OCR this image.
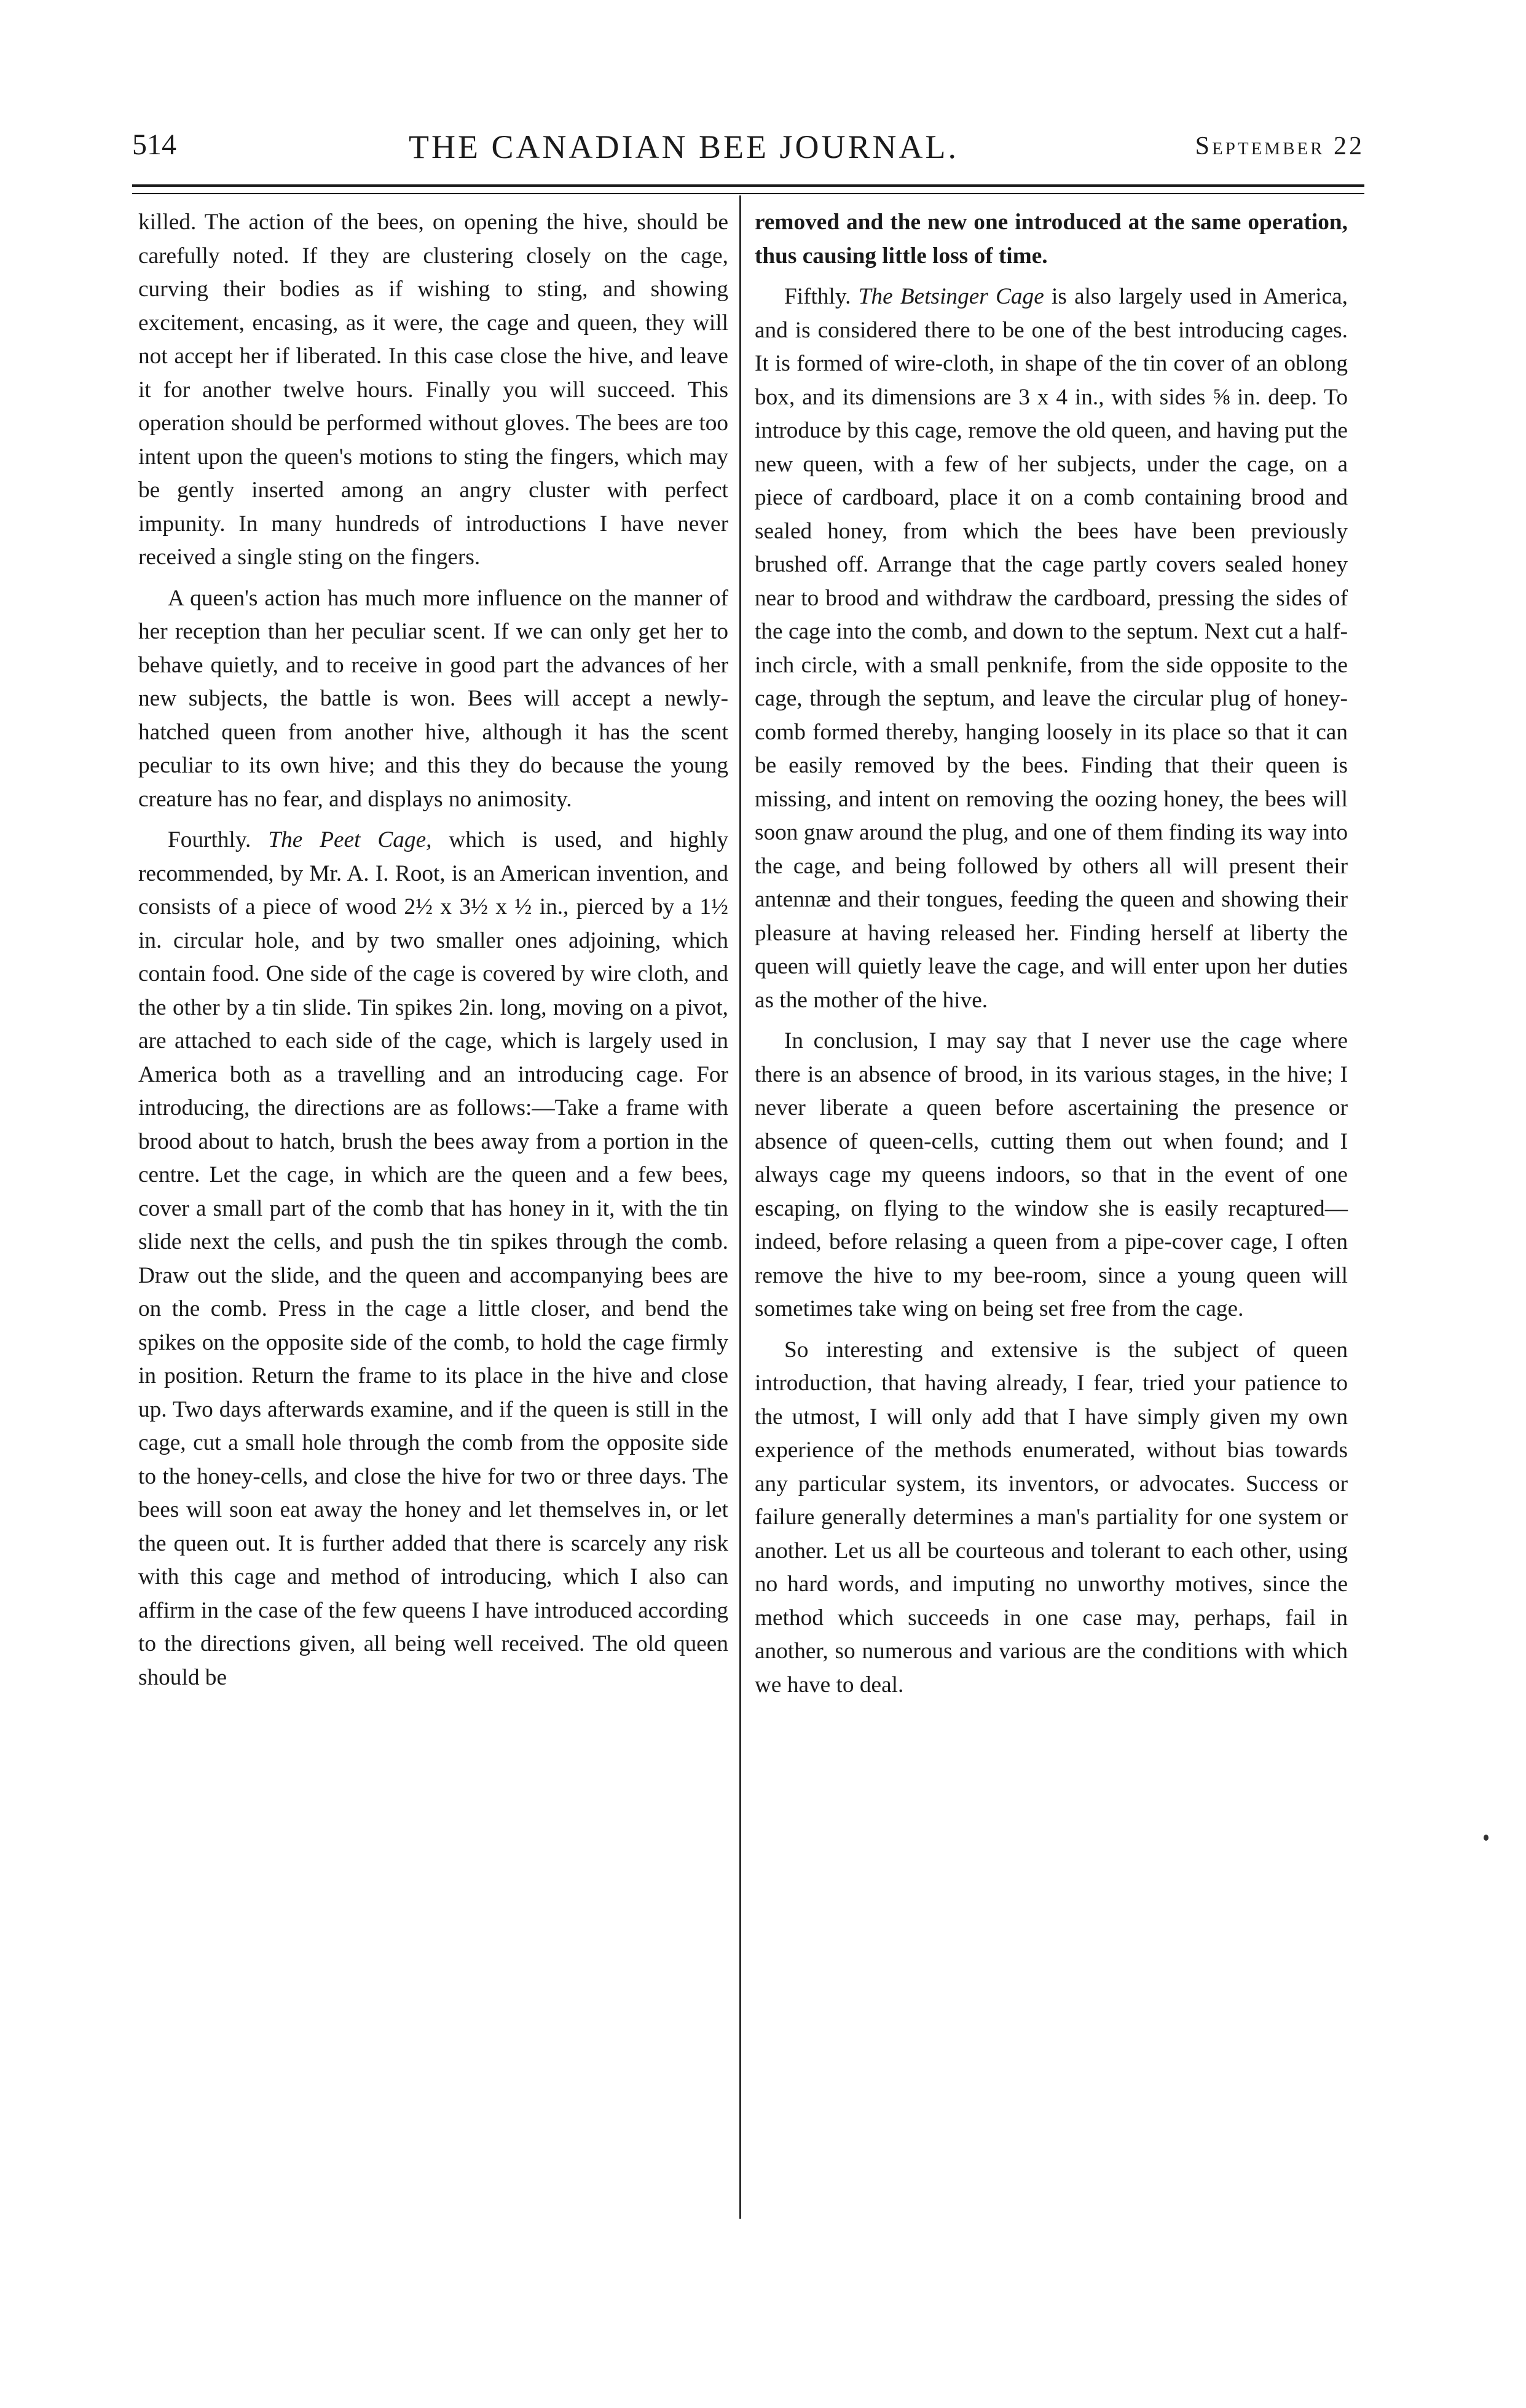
514	THE CANADIAN BEE JOURNAL.	September 22

killed. The action of the bees, on opening the hive, should be carefully noted. If they are clustering closely on the cage, curving their bodies as if wishing to sting, and showing excitement, encasing, as it were, the cage and queen, they will not accept her if liberated. In this case close the hive, and leave it for another twelve hours. Finally you will succeed. This operation should be performed without gloves. The bees are too intent upon the queen's motions to sting the fingers, which may be gently inserted among an angry cluster with perfect impunity. In many hundreds of introductions I have never received a single sting on the fingers.

A queen's action has much more influence on the manner of her reception than her peculiar scent. If we can only get her to behave quietly, and to receive in good part the advances of her new subjects, the battle is won. Bees will accept a newly-hatched queen from another hive, although it has the scent peculiar to its own hive; and this they do because the young creature has no fear, and displays no animosity.

Fourthly. The Peet Cage, which is used, and highly recommended, by Mr. A. I. Root, is an American invention, and consists of a piece of wood 2½ x 3½ x ½ in., pierced by a 1½ in. circular hole, and by two smaller ones adjoining, which contain food. One side of the cage is covered by wire cloth, and the other by a tin slide. Tin spikes 2in. long, moving on a pivot, are attached to each side of the cage, which is largely used in America both as a travelling and an introducing cage. For introducing, the directions are as follows:—Take a frame with brood about to hatch, brush the bees away from a portion in the centre. Let the cage, in which are the queen and a few bees, cover a small part of the comb that has honey in it, with the tin slide next the cells, and push the tin spikes through the comb. Draw out the slide, and the queen and accompanying bees are on the comb. Press in the cage a little closer, and bend the spikes on the opposite side of the comb, to hold the cage firmly in position. Return the frame to its place in the hive and close up. Two days afterwards examine, and if the queen is still in the cage, cut a small hole through the comb from the opposite side to the honey-cells, and close the hive for two or three days. The bees will soon eat away the honey and let themselves in, or let the queen out. It is further added that there is scarcely any risk with this cage and method of introducing, which I also can affirm in the case of the few queens I have introduced according to the directions given, all being well received. The old queen should be

removed and the new one introduced at the same operation, thus causing little loss of time.

Fifthly. The Betsinger Cage is also largely used in America, and is considered there to be one of the best introducing cages. It is formed of wire-cloth, in shape of the tin cover of an oblong box, and its dimensions are 3 x 4 in., with sides ⅝ in. deep. To introduce by this cage, remove the old queen, and having put the new queen, with a few of her subjects, under the cage, on a piece of cardboard, place it on a comb containing brood and sealed honey, from which the bees have been previously brushed off. Arrange that the cage partly covers sealed honey near to brood and withdraw the cardboard, pressing the sides of the cage into the comb, and down to the septum. Next cut a half-inch circle, with a small penknife, from the side opposite to the cage, through the septum, and leave the circular plug of honey-comb formed thereby, hanging loosely in its place so that it can be easily removed by the bees. Finding that their queen is missing, and intent on removing the oozing honey, the bees will soon gnaw around the plug, and one of them finding its way into the cage, and being followed by others all will present their antennæ and their tongues, feeding the queen and showing their pleasure at having released her. Finding herself at liberty the queen will quietly leave the cage, and will enter upon her duties as the mother of the hive.

In conclusion, I may say that I never use the cage where there is an absence of brood, in its various stages, in the hive; I never liberate a queen before ascertaining the presence or absence of queen-cells, cutting them out when found; and I always cage my queens indoors, so that in the event of one escaping, on flying to the window she is easily recaptured—indeed, before relasing a queen from a pipe-cover cage, I often remove the hive to my bee-room, since a young queen will sometimes take wing on being set free from the cage.

So interesting and extensive is the subject of queen introduction, that having already, I fear, tried your patience to the utmost, I will only add that I have simply given my own experience of the methods enumerated, without bias towards any particular system, its inventors, or advocates. Success or failure generally determines a man's partiality for one system or another. Let us all be courteous and tolerant to each other, using no hard words, and imputing no unworthy motives, since the method which succeeds in one case may, perhaps, fail in another, so numerous and various are the conditions with which we have to deal.
